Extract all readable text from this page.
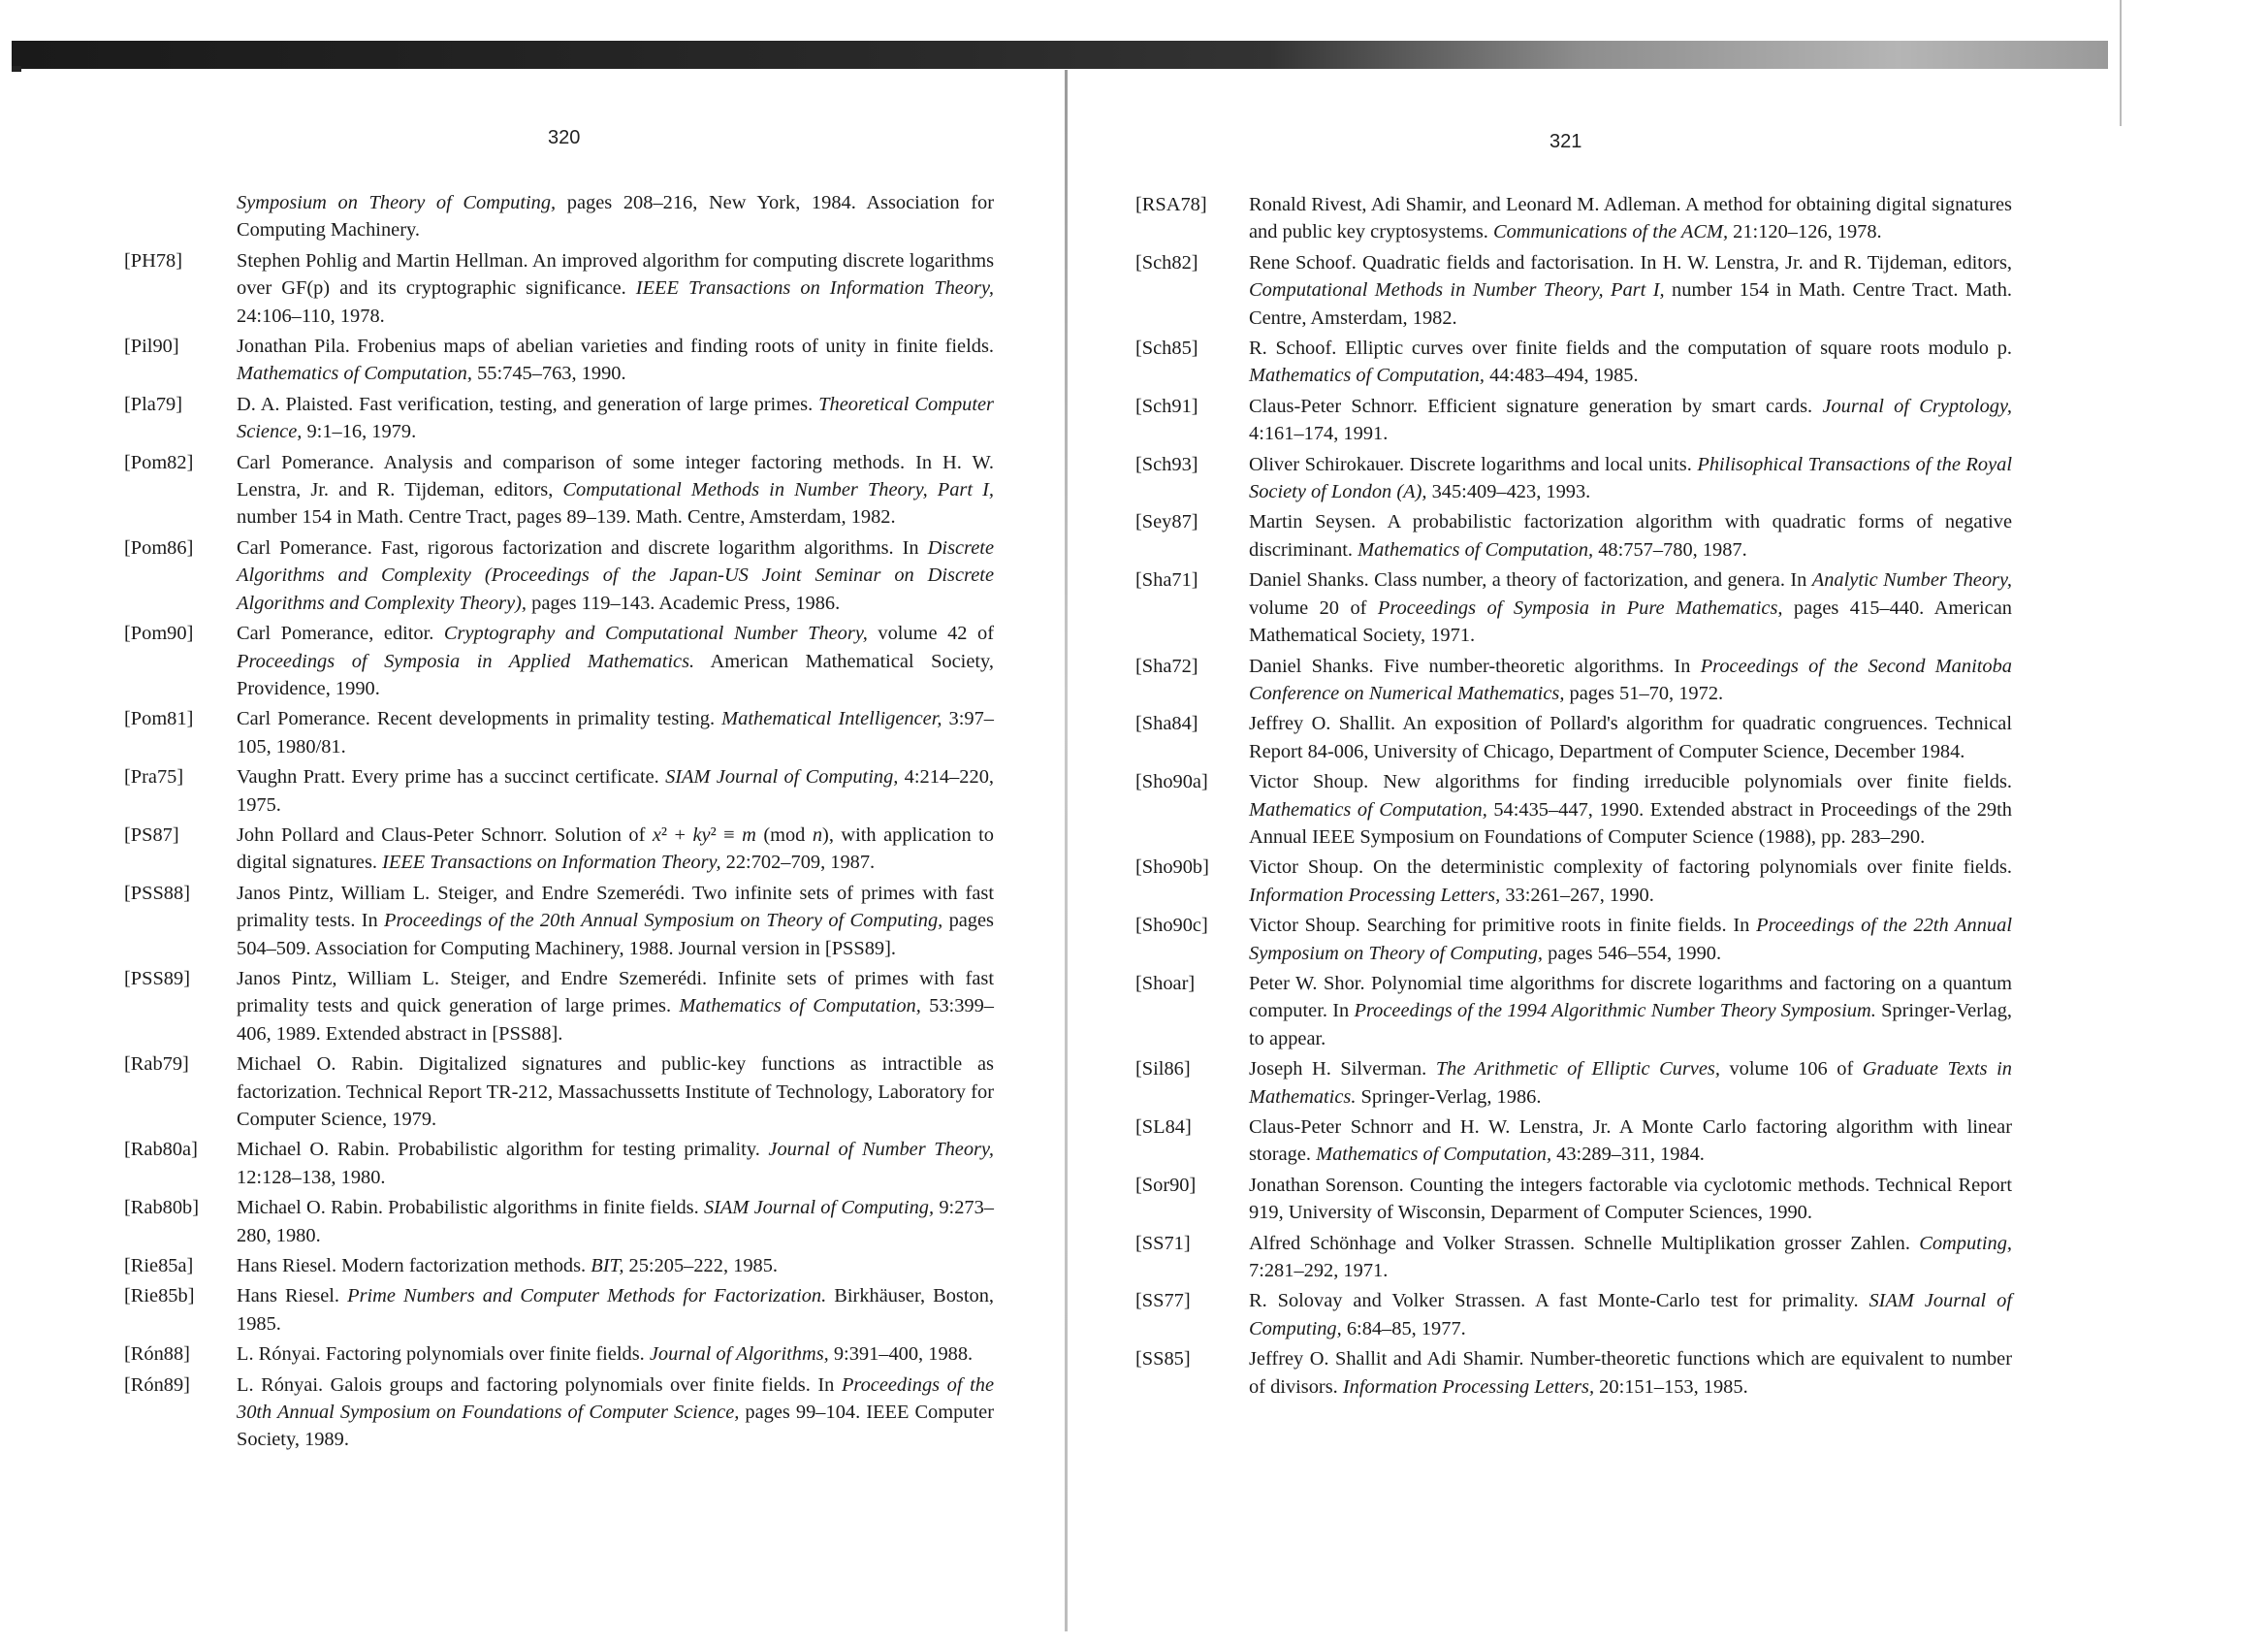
320
Symposium on Theory of Computing, pages 208–216, New York, 1984. Association for Computing Machinery.
[PH78]	Stephen Pohlig and Martin Hellman. An improved algorithm for computing discrete logarithms over GF(p) and its cryptographic significance. IEEE Transactions on Information Theory, 24:106–110, 1978.
[Pil90]	Jonathan Pila. Frobenius maps of abelian varieties and finding roots of unity in finite fields. Mathematics of Computation, 55:745–763, 1990.
[Pla79]	D. A. Plaisted. Fast verification, testing, and generation of large primes. Theoretical Computer Science, 9:1–16, 1979.
[Pom82]	Carl Pomerance. Analysis and comparison of some integer factoring methods. In H. W. Lenstra, Jr. and R. Tijdeman, editors, Computational Methods in Number Theory, Part I, number 154 in Math. Centre Tract, pages 89–139. Math. Centre, Amsterdam, 1982.
[Pom86]	Carl Pomerance. Fast, rigorous factorization and discrete logarithm algorithms. In Discrete Algorithms and Complexity (Proceedings of the Japan-US Joint Seminar on Discrete Algorithms and Complexity Theory), pages 119–143. Academic Press, 1986.
[Pom90]	Carl Pomerance, editor. Cryptography and Computational Number Theory, volume 42 of Proceedings of Symposia in Applied Mathematics. American Mathematical Society, Providence, 1990.
[Pom81]	Carl Pomerance. Recent developments in primality testing. Mathematical Intelligencer, 3:97–105, 1980/81.
[Pra75]	Vaughn Pratt. Every prime has a succinct certificate. SIAM Journal of Computing, 4:214–220, 1975.
[PS87]	John Pollard and Claus-Peter Schnorr. Solution of x² + ky² ≡ m (mod n), with application to digital signatures. IEEE Transactions on Information Theory, 22:702–709, 1987.
[PSS88]	Janos Pintz, William L. Steiger, and Endre Szemerédi. Two infinite sets of primes with fast primality tests. In Proceedings of the 20th Annual Symposium on Theory of Computing, pages 504–509. Association for Computing Machinery, 1988. Journal version in [PSS89].
[PSS89]	Janos Pintz, William L. Steiger, and Endre Szemerédi. Infinite sets of primes with fast primality tests and quick generation of large primes. Mathematics of Computation, 53:399–406, 1989. Extended abstract in [PSS88].
[Rab79]	Michael O. Rabin. Digitalized signatures and public-key functions as intractible as factorization. Technical Report TR-212, Massachussetts Institute of Technology, Laboratory for Computer Science, 1979.
[Rab80a]	Michael O. Rabin. Probabilistic algorithm for testing primality. Journal of Number Theory, 12:128–138, 1980.
[Rab80b]	Michael O. Rabin. Probabilistic algorithms in finite fields. SIAM Journal of Computing, 9:273–280, 1980.
[Rie85a]	Hans Riesel. Modern factorization methods. BIT, 25:205–222, 1985.
[Rie85b]	Hans Riesel. Prime Numbers and Computer Methods for Factorization. Birkhäuser, Boston, 1985.
[Rón88]	L. Rónyai. Factoring polynomials over finite fields. Journal of Algorithms, 9:391–400, 1988.
[Rón89]	L. Rónyai. Galois groups and factoring polynomials over finite fields. In Proceedings of the 30th Annual Symposium on Foundations of Computer Science, pages 99–104. IEEE Computer Society, 1989.
321
[RSA78]	Ronald Rivest, Adi Shamir, and Leonard M. Adleman. A method for obtaining digital signatures and public key cryptosystems. Communications of the ACM, 21:120–126, 1978.
[Sch82]	Rene Schoof. Quadratic fields and factorisation. In H. W. Lenstra, Jr. and R. Tijdeman, editors, Computational Methods in Number Theory, Part I, number 154 in Math. Centre Tract. Math. Centre, Amsterdam, 1982.
[Sch85]	R. Schoof. Elliptic curves over finite fields and the computation of square roots modulo p. Mathematics of Computation, 44:483–494, 1985.
[Sch91]	Claus-Peter Schnorr. Efficient signature generation by smart cards. Journal of Cryptology, 4:161–174, 1991.
[Sch93]	Oliver Schirokauer. Discrete logarithms and local units. Philisophical Transactions of the Royal Society of London (A), 345:409–423, 1993.
[Sey87]	Martin Seysen. A probabilistic factorization algorithm with quadratic forms of negative discriminant. Mathematics of Computation, 48:757–780, 1987.
[Sha71]	Daniel Shanks. Class number, a theory of factorization, and genera. In Analytic Number Theory, volume 20 of Proceedings of Symposia in Pure Mathematics, pages 415–440. American Mathematical Society, 1971.
[Sha72]	Daniel Shanks. Five number-theoretic algorithms. In Proceedings of the Second Manitoba Conference on Numerical Mathematics, pages 51–70, 1972.
[Sha84]	Jeffrey O. Shallit. An exposition of Pollard's algorithm for quadratic congruences. Technical Report 84-006, University of Chicago, Department of Computer Science, December 1984.
[Sho90a]	Victor Shoup. New algorithms for finding irreducible polynomials over finite fields. Mathematics of Computation, 54:435–447, 1990. Extended abstract in Proceedings of the 29th Annual IEEE Symposium on Foundations of Computer Science (1988), pp. 283–290.
[Sho90b]	Victor Shoup. On the deterministic complexity of factoring polynomials over finite fields. Information Processing Letters, 33:261–267, 1990.
[Sho90c]	Victor Shoup. Searching for primitive roots in finite fields. In Proceedings of the 22th Annual Symposium on Theory of Computing, pages 546–554, 1990.
[Shoar]	Peter W. Shor. Polynomial time algorithms for discrete logarithms and factoring on a quantum computer. In Proceedings of the 1994 Algorithmic Number Theory Symposium. Springer-Verlag, to appear.
[Sil86]	Joseph H. Silverman. The Arithmetic of Elliptic Curves, volume 106 of Graduate Texts in Mathematics. Springer-Verlag, 1986.
[SL84]	Claus-Peter Schnorr and H. W. Lenstra, Jr. A Monte Carlo factoring algorithm with linear storage. Mathematics of Computation, 43:289–311, 1984.
[Sor90]	Jonathan Sorenson. Counting the integers factorable via cyclotomic methods. Technical Report 919, University of Wisconsin, Deparment of Computer Sciences, 1990.
[SS71]	Alfred Schönhage and Volker Strassen. Schnelle Multiplikation grosser Zahlen. Computing, 7:281–292, 1971.
[SS77]	R. Solovay and Volker Strassen. A fast Monte-Carlo test for primality. SIAM Journal of Computing, 6:84–85, 1977.
[SS85]	Jeffrey O. Shallit and Adi Shamir. Number-theoretic functions which are equivalent to number of divisors. Information Processing Letters, 20:151–153, 1985.
